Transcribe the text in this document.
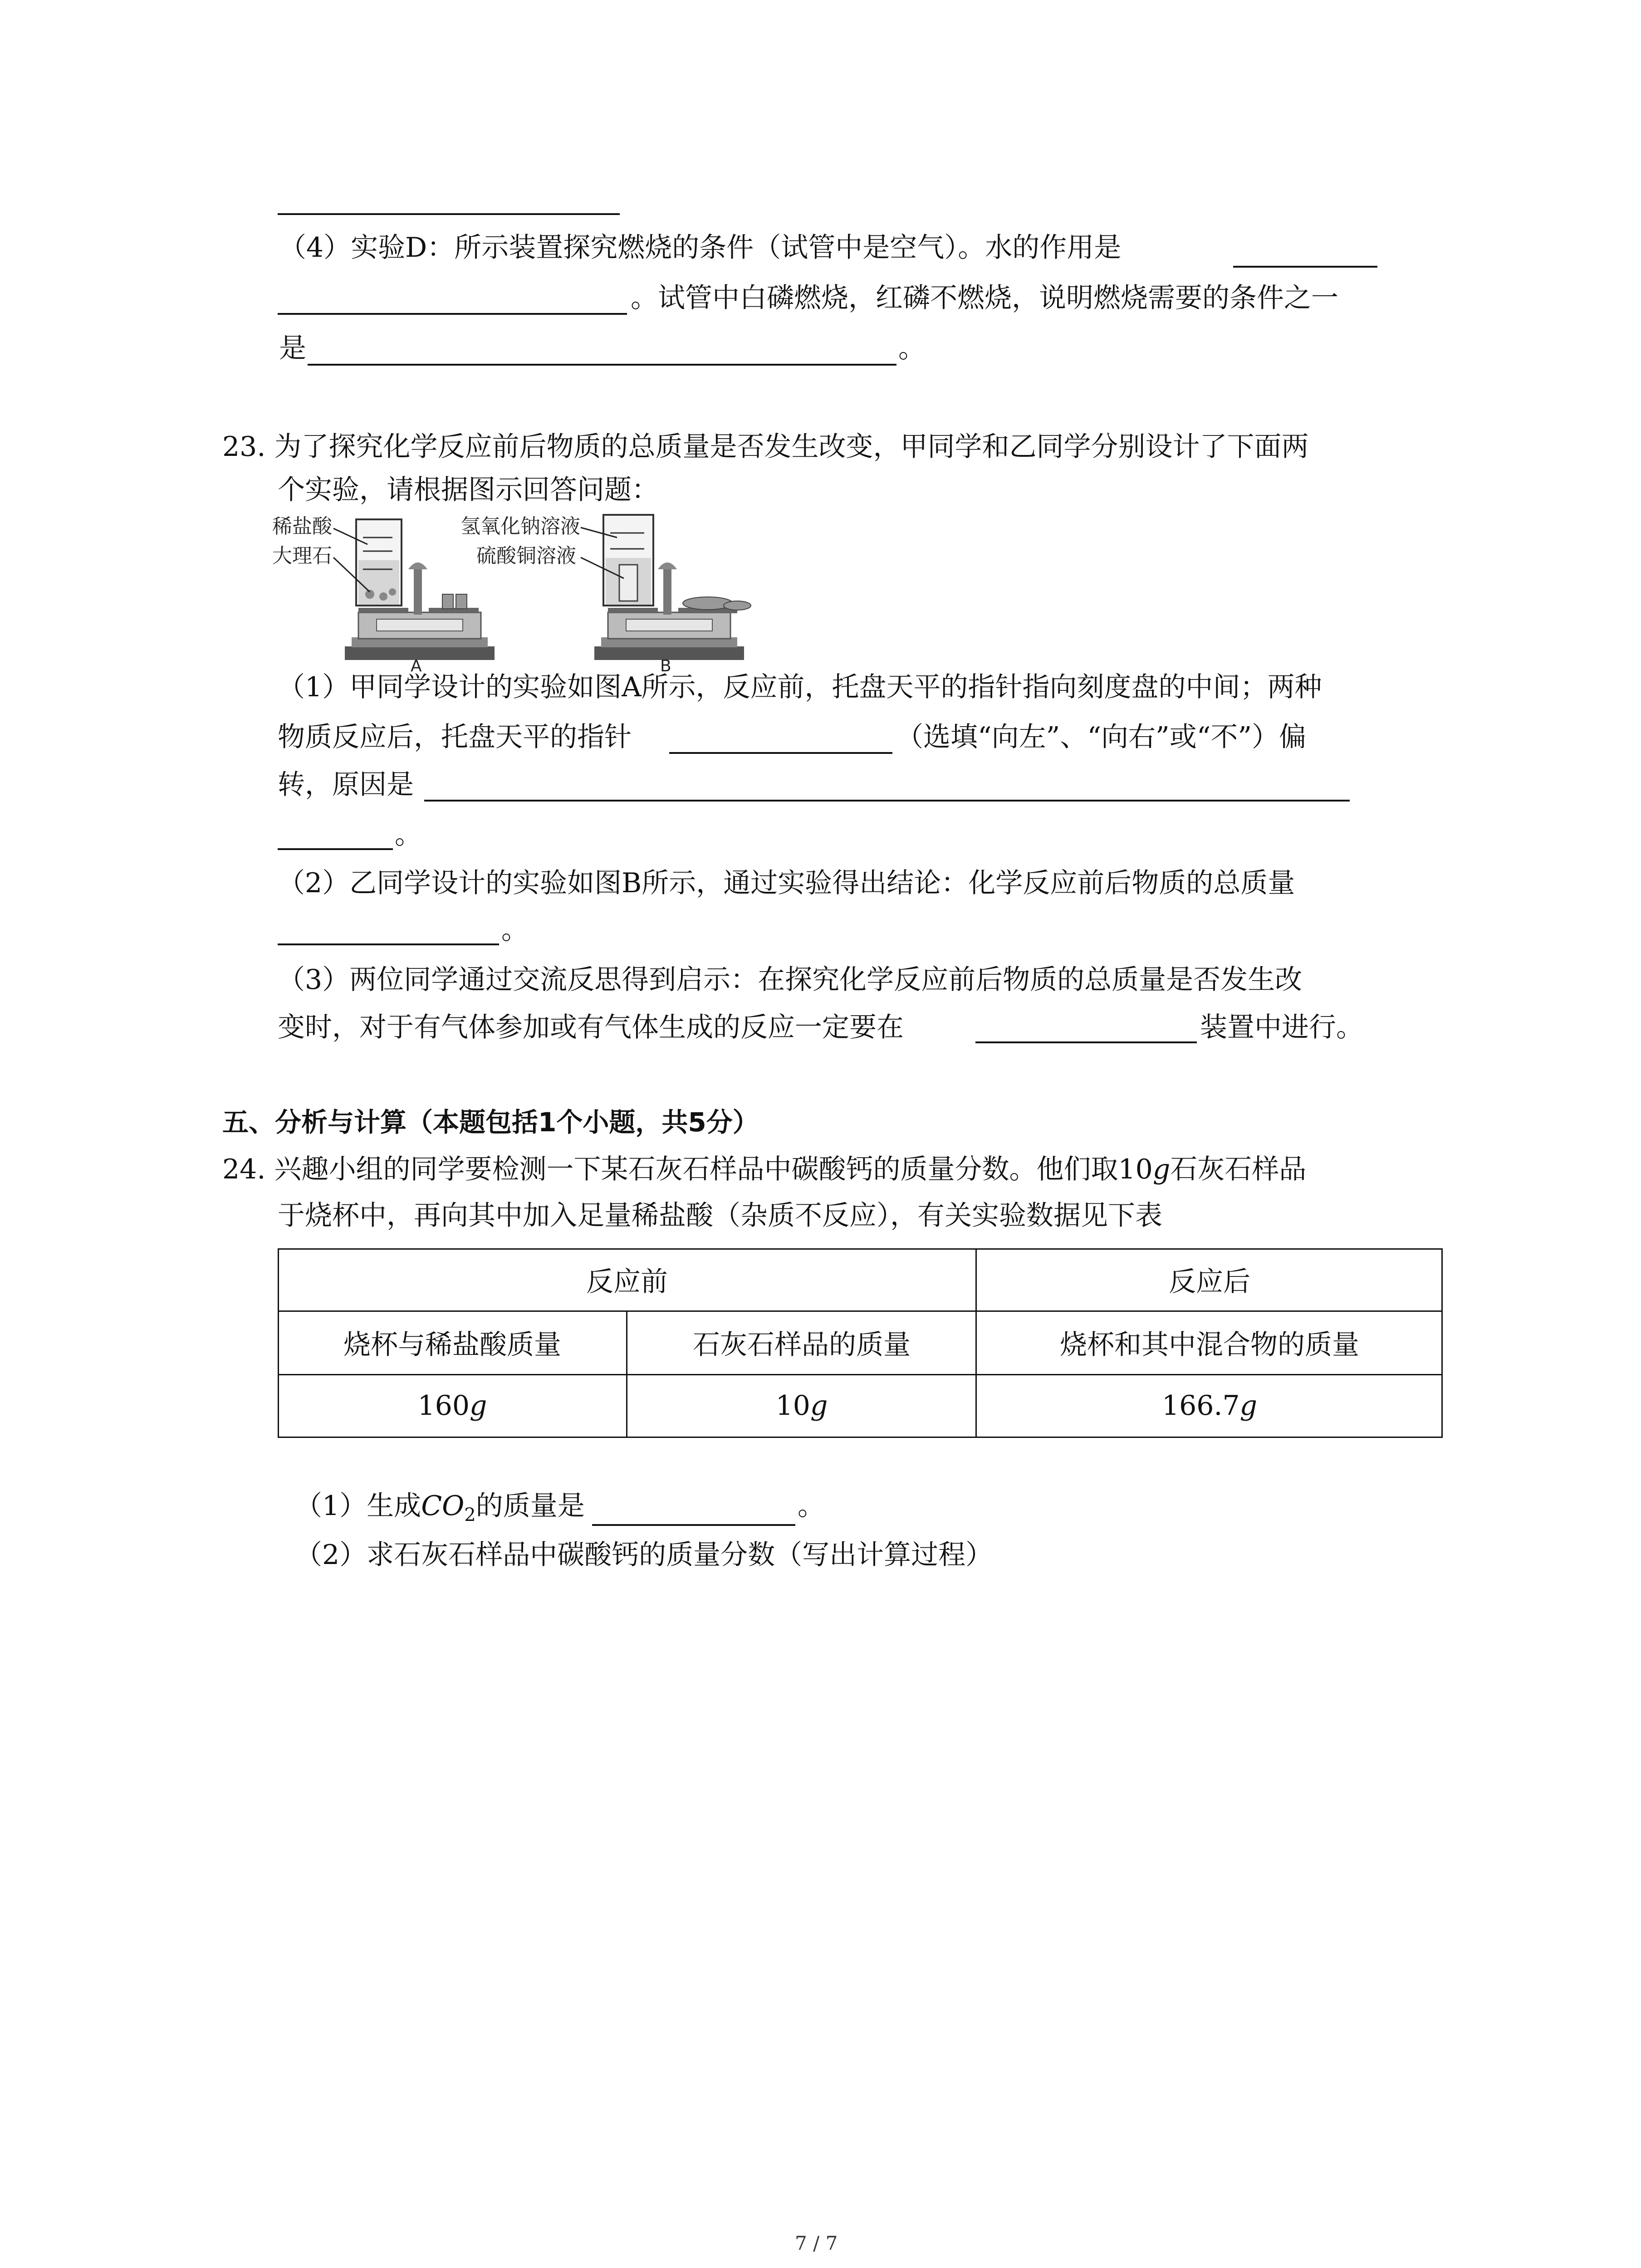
（4）实验D：所示装置探究燃烧的条件（试管中是空气）。水的作用是
。试管中白磷燃烧，红磷不燃烧，说明燃烧需要的条件之一
是	。
23. 为了探究化学反应前后物质的总质量是否发生改变，甲同学和乙同学分别设计了下面两
个实验，请根据图示回答问题：
稀盐酸
大理石
A
氢氧化钠溶液
硫酸铜溶液
B
（1）甲同学设计的实验如图A所示，反应前，托盘天平的指针指向刻度盘的中间；两种
物质反应后，托盘天平的指针	（选填“向左”、“向右”或“不”）偏
转，原因是
。
（2）乙同学设计的实验如图B所示，通过实验得出结论：化学反应前后物质的总质量
。
（3）两位同学通过交流反思得到启示：在探究化学反应前后物质的总质量是否发生改
变时，对于有气体参加或有气体生成的反应一定要在	装置中进行。
五、分析与计算（本题包括1个小题，共5分）
24. 兴趣小组的同学要检测一下某石灰石样品中碳酸钙的质量分数。他们取10g石灰石样品
于烧杯中，再向其中加入足量稀盐酸（杂质不反应），有关实验数据见下表
反应前	反应后
烧杯与稀盐酸质量	石灰石样品的质量	烧杯和其中混合物的质量
160 g	10 g	166.7 g
（1）生成$CO_2$的质量是	。
（2）求石灰石样品中碳酸钙的质量分数（写出计算过程）
7 / 7
